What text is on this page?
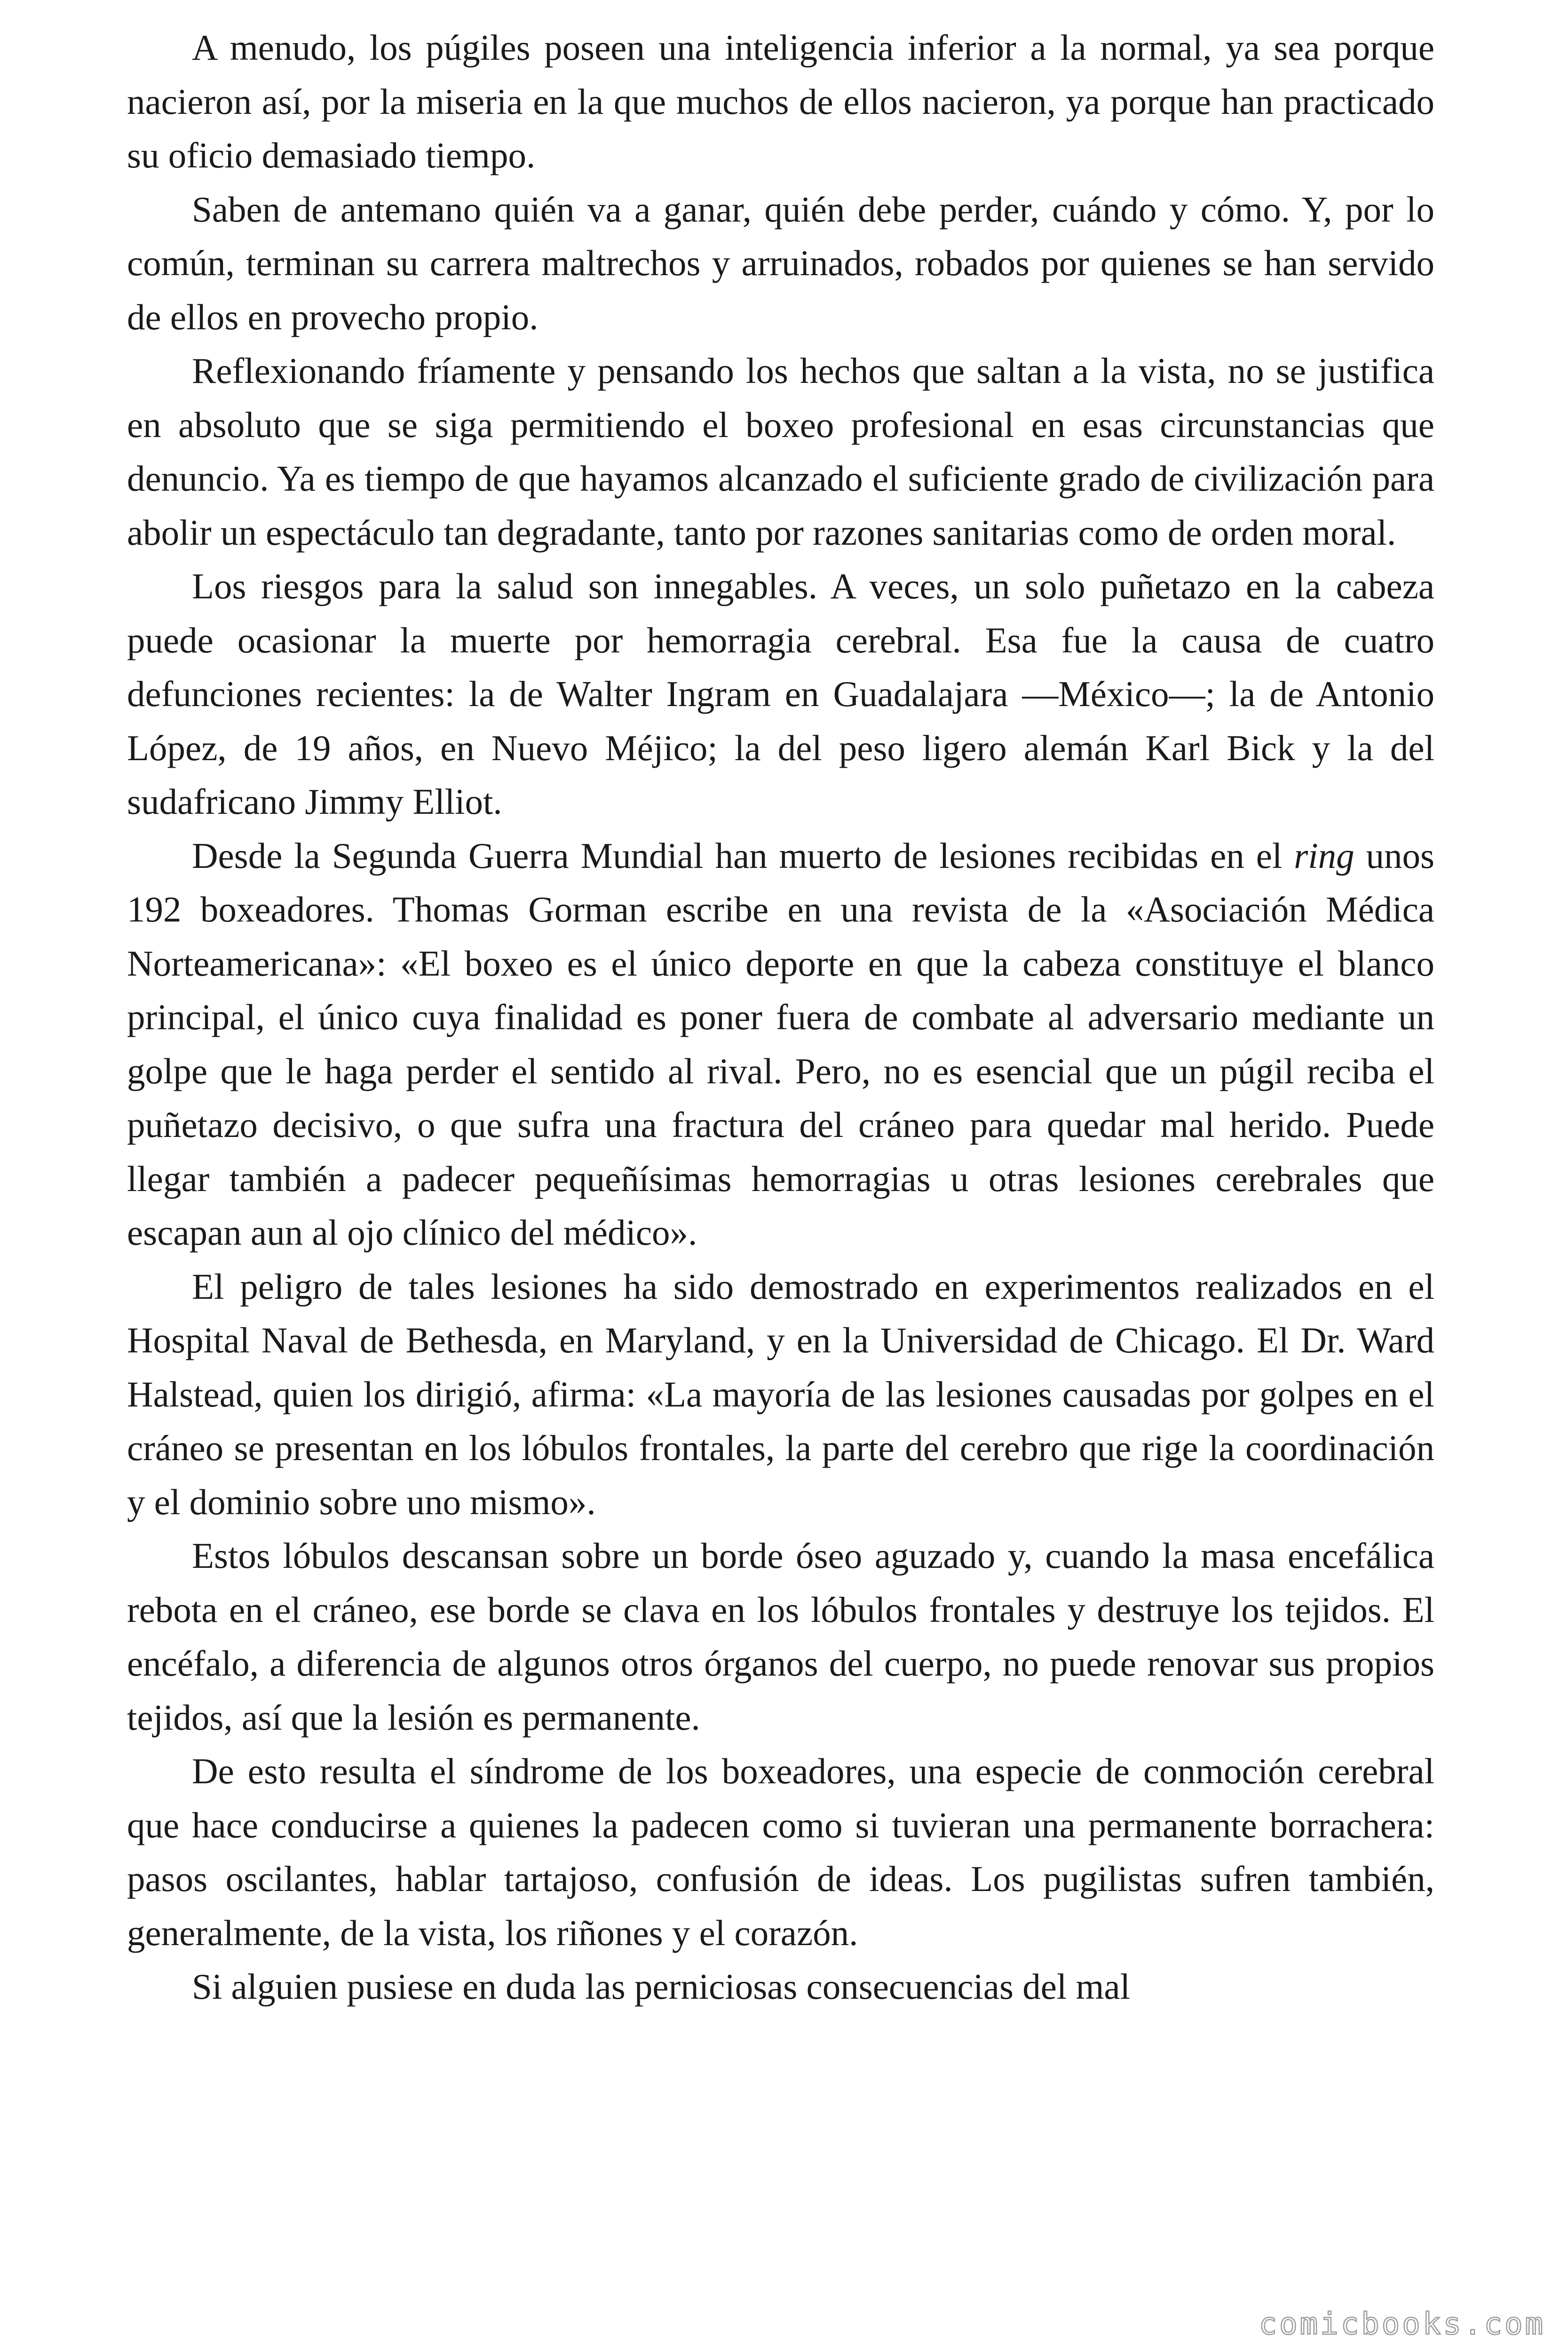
A menudo, los púgiles poseen una inteligencia inferior a la normal, ya sea porque nacieron así, por la miseria en la que muchos de ellos nacieron, ya porque han practicado su oficio demasiado tiempo.

Saben de antemano quién va a ganar, quién debe perder, cuándo y cómo. Y, por lo común, terminan su carrera maltrechos y arruinados, robados por quienes se han servido de ellos en provecho propio.

Reflexionando fríamente y pensando los hechos que saltan a la vista, no se justifica en absoluto que se siga permitiendo el boxeo profesional en esas circunstancias que denuncio. Ya es tiempo de que hayamos alcanzado el suficiente grado de civilización para abolir un espectáculo tan degradante, tanto por razones sanitarias como de orden moral.

Los riesgos para la salud son innegables. A veces, un solo puñetazo en la cabeza puede ocasionar la muerte por hemorragia cerebral. Esa fue la causa de cuatro defunciones recientes: la de Walter Ingram en Guadalajara —México—; la de Antonio López, de 19 años, en Nuevo Méjico; la del peso ligero alemán Karl Bick y la del sudafricano Jimmy Elliot.

Desde la Segunda Guerra Mundial han muerto de lesiones recibidas en el ring unos 192 boxeadores. Thomas Gorman escribe en una revista de la «Asociación Médica Norteamericana»: «El boxeo es el único deporte en que la cabeza constituye el blanco principal, el único cuya finalidad es poner fuera de combate al adversario mediante un golpe que le haga perder el sentido al rival. Pero, no es esencial que un púgil reciba el puñetazo decisivo, o que sufra una fractura del cráneo para quedar mal herido. Puede llegar también a padecer pequeñísimas hemorragias u otras lesiones cerebrales que escapan aun al ojo clínico del médico».

El peligro de tales lesiones ha sido demostrado en experimentos realizados en el Hospital Naval de Bethesda, en Maryland, y en la Universidad de Chicago. El Dr. Ward Halstead, quien los dirigió, afirma: «La mayoría de las lesiones causadas por golpes en el cráneo se presentan en los lóbulos frontales, la parte del cerebro que rige la coordinación y el dominio sobre uno mismo».

Estos lóbulos descansan sobre un borde óseo aguzado y, cuando la masa encefálica rebota en el cráneo, ese borde se clava en los lóbulos frontales y destruye los tejidos. El encéfalo, a diferencia de algunos otros órganos del cuerpo, no puede renovar sus propios tejidos, así que la lesión es permanente.

De esto resulta el síndrome de los boxeadores, una especie de conmoción cerebral que hace conducirse a quienes la padecen como si tuvieran una permanente borrachera: pasos oscilantes, hablar tartajoso, confusión de ideas. Los pugilistas sufren también, generalmente, de la vista, los riñones y el corazón.

Si alguien pusiese en duda las perniciosas consecuencias del mal

comicbooks.com
